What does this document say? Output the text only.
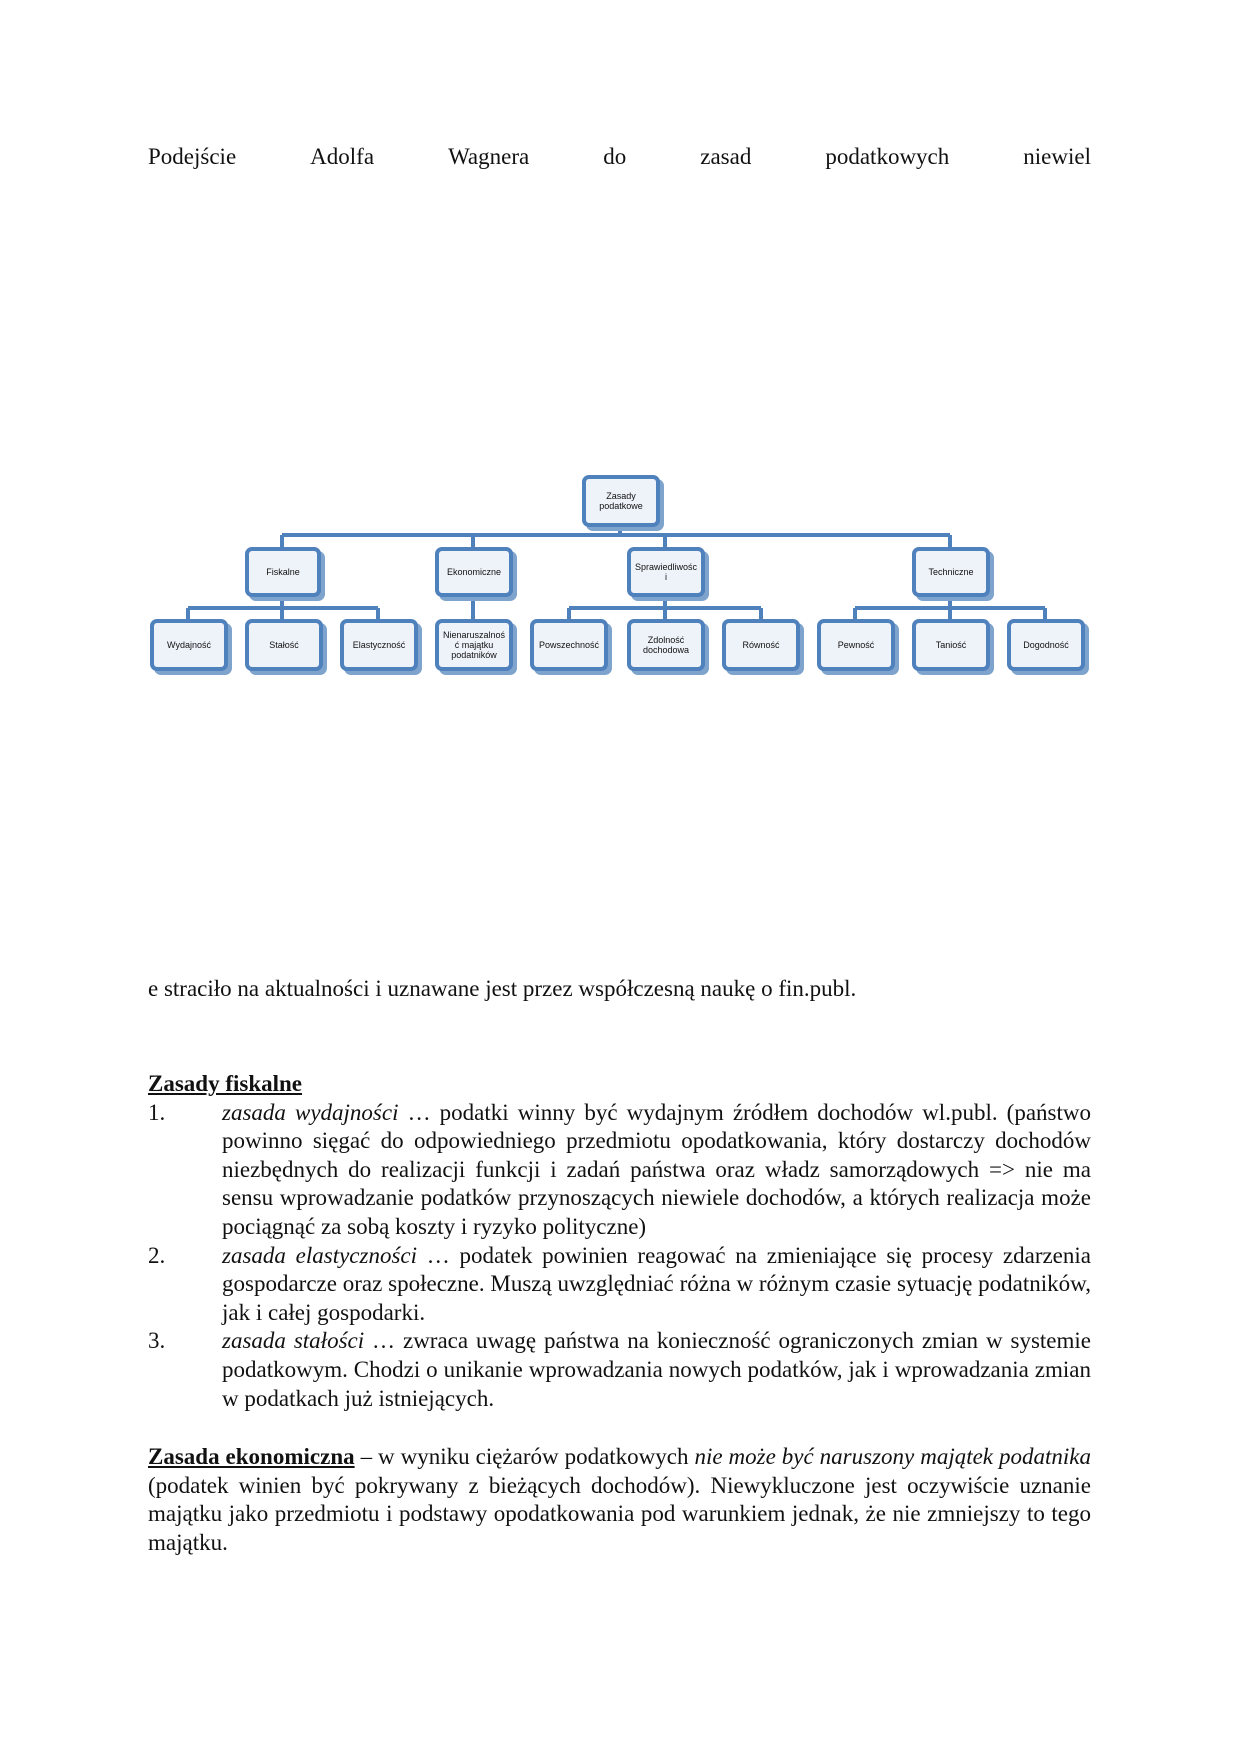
Podejście	Adolfa	Wagnera	do	zasad	podatkowych	niewiel
Zasady podatkowe
Fiskalne	Ekonomiczne	Sprawiedliwośc i	Techniczne
Wydajność	Stałość	Elastyczność
Nienaruszalnoś ć majątku podatników
Powszechność	Zdolność dochodowa	Równość	Pewność	Taniość	Dogodność
e straciło na aktualności i uznawane jest przez współczesną naukę o fin.publ.
Zasady fiskalne
1. zasada wydajności … podatki winny być wydajnym źródłem dochodów wl.publ. (państwo powinno sięgać do odpowiedniego przedmiotu opodatkowania, który dostarczy dochodów niezbędnych do realizacji funkcji i zadań państwa oraz władz samorządowych => nie ma sensu wprowadzanie podatków przynoszących niewiele dochodów, a których realizacja może pociągnąć za sobą koszty i ryzyko polityczne)
2. zasada elastyczności … podatek powinien reagować na zmieniające się procesy zdarzenia gospodarcze oraz społeczne. Muszą uwzględniać różna w różnym czasie sytuację podatników, jak i całej gospodarki.
3. zasada stałości … zwraca uwagę państwa na konieczność ograniczonych zmian w systemie podatkowym. Chodzi o unikanie wprowadzania nowych podatków, jak i wprowadzania zmian w podatkach już istniejących.
Zasada ekonomiczna – w wyniku ciężarów podatkowych nie może być naruszony majątek podatnika (podatek winien być pokrywany z bieżących dochodów). Niewykluczone jest oczywiście uznanie majątku jako przedmiotu i podstawy opodatkowania pod warunkiem jednak, że nie zmniejszy to tego majątku.
